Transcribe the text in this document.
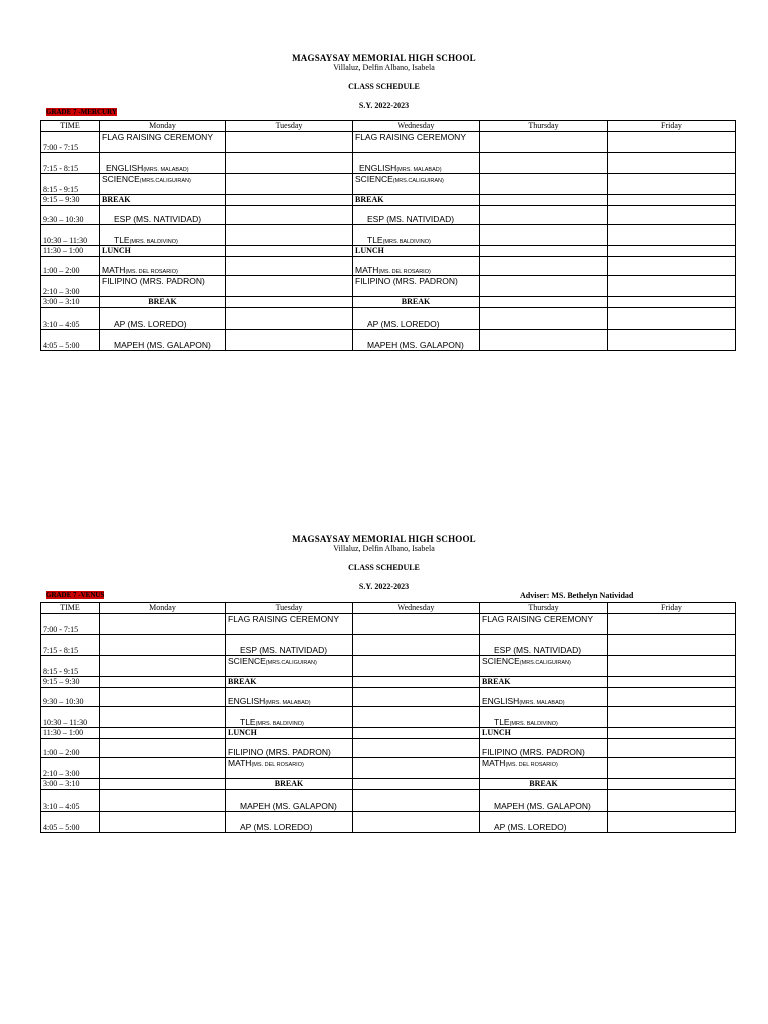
MAGSAYSAY MEMORIAL HIGH SCHOOL
Villaluz, Delfin Albano, Isabela
CLASS SCHEDULE
S.Y. 2022-2023
GRADE 7 -MERCURY
TIME	Monday	Tuesday	Wednesday	Thursday	Friday
7:00 - 7:15	FLAG RAISING CEREMONY		FLAG RAISING CEREMONY		
7:15 - 8:15	ENGLISH(MRS. MALABAD)		ENGLISH(MRS. MALABAD)		
8:15 - 9:15	SCIENCE(MRS.CALIGUIRAN)		SCIENCE(MRS.CALIGUIRAN)		
9:15 – 9:30	BREAK		BREAK		
9:30 – 10:30	ESP (MS. NATIVIDAD)		ESP (MS. NATIVIDAD)		
10:30 – 11:30	TLE(MRS. BALDIVINO)		TLE(MRS. BALDIVINO)		
11:30 – 1:00	LUNCH		LUNCH		
1:00 – 2:00	MATH(MS. DEL ROSARIO)		MATH(MS. DEL ROSARIO)		
2:10 – 3:00	FILIPINO (MRS. PADRON)		FILIPINO (MRS. PADRON)		
3:00 – 3:10	BREAK		BREAK		
3:10 – 4:05	AP (MS. LOREDO)		AP (MS. LOREDO)		
4:05 – 5:00	MAPEH (MS. GALAPON)		MAPEH (MS. GALAPON)		
MAGSAYSAY MEMORIAL HIGH SCHOOL
Villaluz, Delfin Albano, Isabela
CLASS SCHEDULE
S.Y. 2022-2023
GRADE 7 -VENUS	Adviser: MS. Bethelyn Natividad
TIME	Monday	Tuesday	Wednesday	Thursday	Friday
7:00 - 7:15		FLAG RAISING CEREMONY		FLAG RAISING CEREMONY	
7:15 - 8:15		ESP (MS. NATIVIDAD)		ESP (MS. NATIVIDAD)	
8:15 - 9:15		SCIENCE(MRS.CALIGUIRAN)		SCIENCE(MRS.CALIGUIRAN)	
9:15 – 9:30		BREAK		BREAK	
9:30 – 10:30		ENGLISH(MRS. MALABAD)		ENGLISH(MRS. MALABAD)	
10:30 – 11:30		TLE(MRS. BALDIVINO)		TLE(MRS. BALDIVINO)	
11:30 – 1:00		LUNCH		LUNCH	
1:00 – 2:00		FILIPINO (MRS. PADRON)		FILIPINO (MRS. PADRON)	
2:10 – 3:00		MATH(MS. DEL ROSARIO)		MATH(MS. DEL ROSARIO)	
3:00 – 3:10		BREAK		BREAK	
3:10 – 4:05		MAPEH (MS. GALAPON)		MAPEH (MS. GALAPON)	
4:05 – 5:00		AP (MS. LOREDO)		AP (MS. LOREDO)	
